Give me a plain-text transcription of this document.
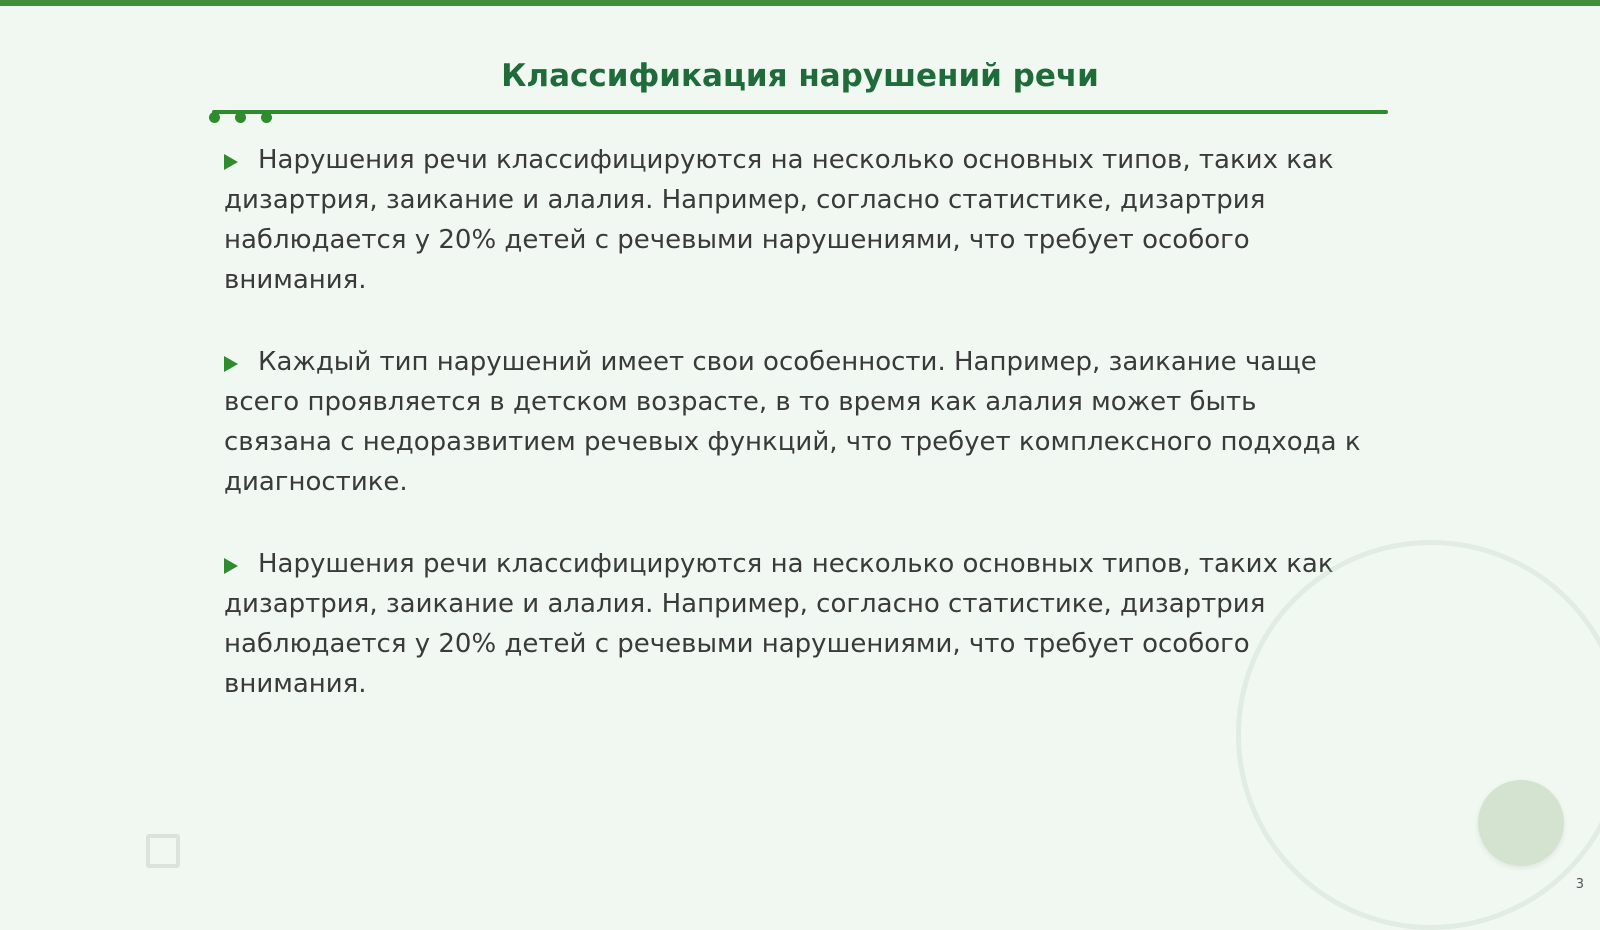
Классификация нарушений речи
Нарушения речи классифицируются на несколько основных типов, таких как дизартрия, заикание и алалия. Например, согласно статистике, дизартрия наблюдается у 20% детей с речевыми нарушениями, что требует особого внимания.
Каждый тип нарушений имеет свои особенности. Например, заикание чаще всего проявляется в детском возрасте, в то время как алалия может быть связана с недоразвитием речевых функций, что требует комплексного подхода к диагностике.
Нарушения речи классифицируются на несколько основных типов, таких как дизартрия, заикание и алалия. Например, согласно статистике, дизартрия наблюдается у 20% детей с речевыми нарушениями, что требует особого внимания.
3
